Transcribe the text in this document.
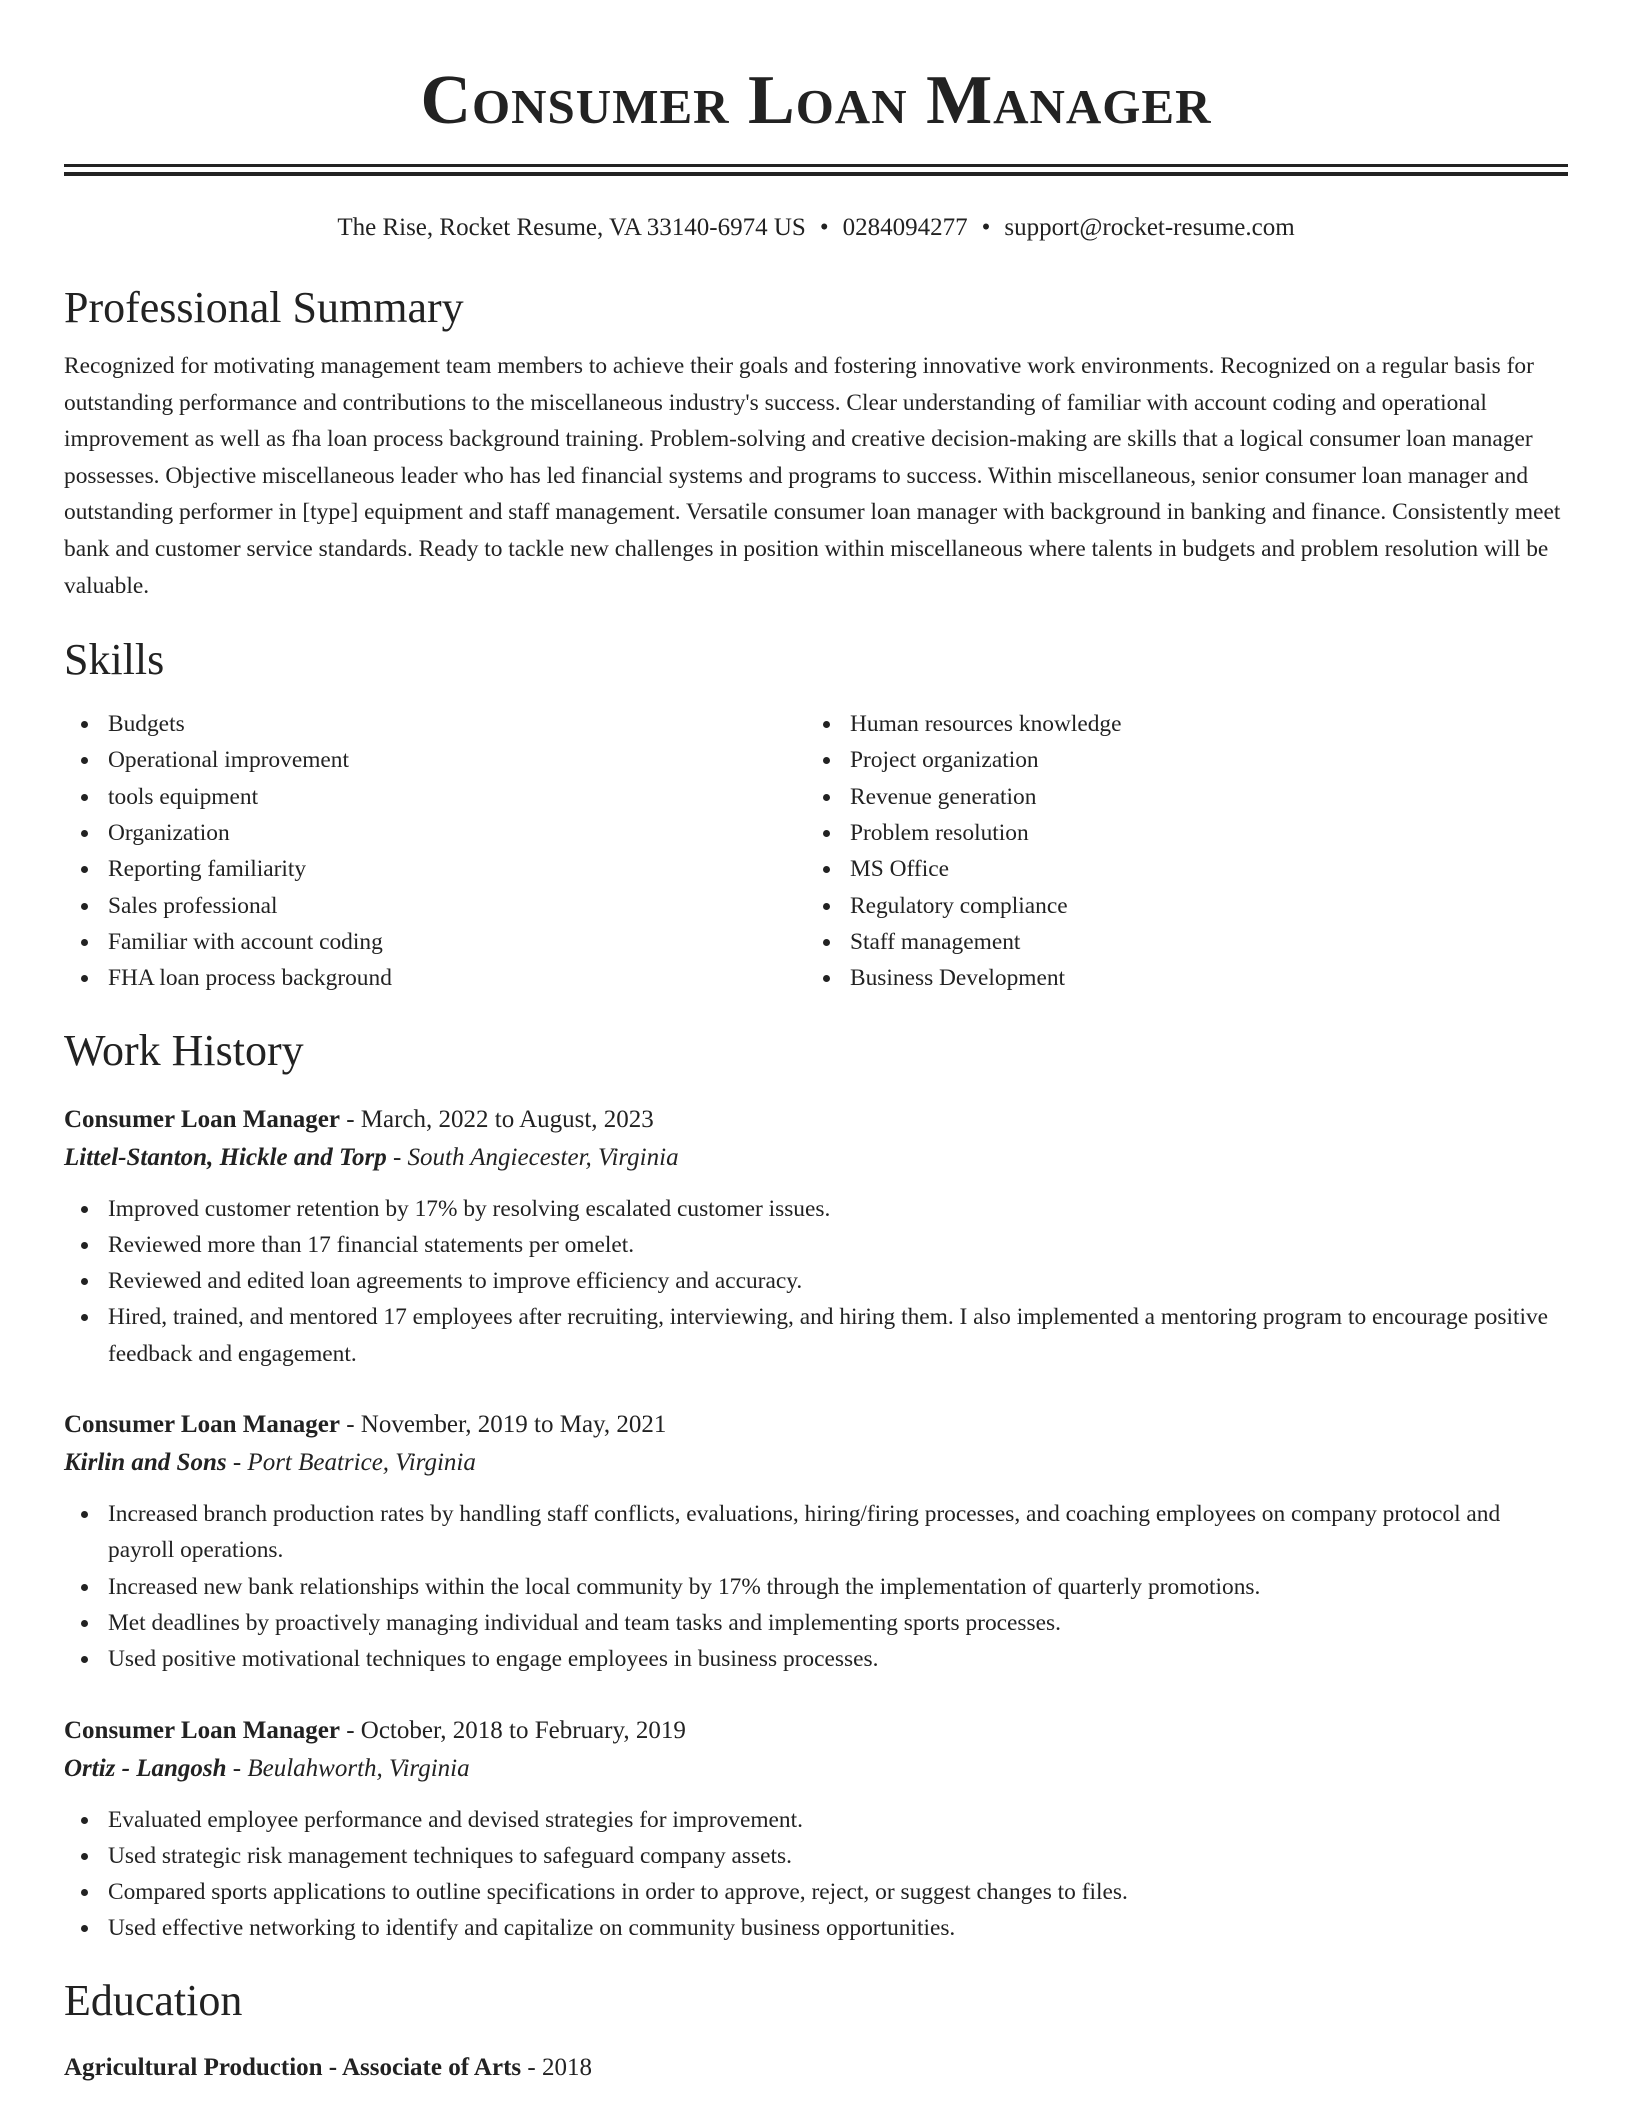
Consumer Loan Manager
The Rise, Rocket Resume, VA 33140-6974 US • 0284094277 • support@rocket-resume.com
Professional Summary

Recognized for motivating management team members to achieve their goals and fostering innovative work environments. Recognized on a regular basis for outstanding performance and contributions to the miscellaneous industry's success. Clear understanding of familiar with account coding and operational improvement as well as fha loan process background training. Problem-solving and creative decision-making are skills that a logical consumer loan manager possesses. Objective miscellaneous leader who has led financial systems and programs to success. Within miscellaneous, senior consumer loan manager and outstanding performer in [type] equipment and staff management. Versatile consumer loan manager with background in banking and finance. Consistently meet bank and customer service standards. Ready to tackle new challenges in position within miscellaneous where talents in budgets and problem resolution will be valuable.

Skills
Budgets
Operational improvement
tools equipment
Organization
Reporting familiarity
Sales professional
Familiar with account coding
FHA loan process background
Human resources knowledge
Project organization
Revenue generation
Problem resolution
MS Office
Regulatory compliance
Staff management
Business Development
Work History
Consumer Loan Manager - March, 2022 to August, 2023
Littel-Stanton, Hickle and Torp - South Angiecester, Virginia
Improved customer retention by 17% by resolving escalated customer issues.
Reviewed more than 17 financial statements per omelet.
Reviewed and edited loan agreements to improve efficiency and accuracy.
Hired, trained, and mentored 17 employees after recruiting, interviewing, and hiring them. I also implemented a mentoring program to encourage positive feedback and engagement.
Consumer Loan Manager - November, 2019 to May, 2021
Kirlin and Sons - Port Beatrice, Virginia
Increased branch production rates by handling staff conflicts, evaluations, hiring/firing processes, and coaching employees on company protocol and payroll operations.
Increased new bank relationships within the local community by 17% through the implementation of quarterly promotions.
Met deadlines by proactively managing individual and team tasks and implementing sports processes.
Used positive motivational techniques to engage employees in business processes.
Consumer Loan Manager - October, 2018 to February, 2019
Ortiz - Langosh - Beulahworth, Virginia
Evaluated employee performance and devised strategies for improvement.
Used strategic risk management techniques to safeguard company assets.
Compared sports applications to outline specifications in order to approve, reject, or suggest changes to files.
Used effective networking to identify and capitalize on community business opportunities.
Education
Agricultural Production - Associate of Arts - 2018
